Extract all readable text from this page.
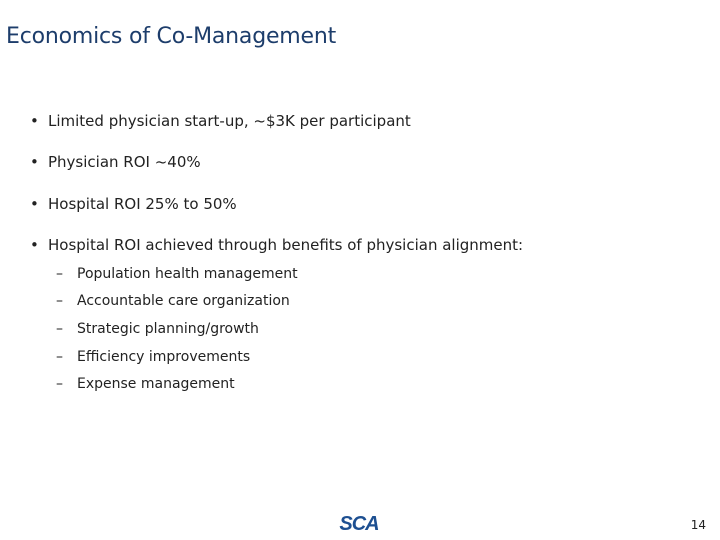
Economics of Co-Management
• Limited physician start-up, ~$3K per participant
• Physician ROI ~40%
• Hospital ROI 25% to 50%
• Hospital ROI achieved through benefits of physician alignment:
– Population health management
– Accountable care organization
– Strategic planning/growth
– Efficiency improvements
– Expense management
SCA	14
